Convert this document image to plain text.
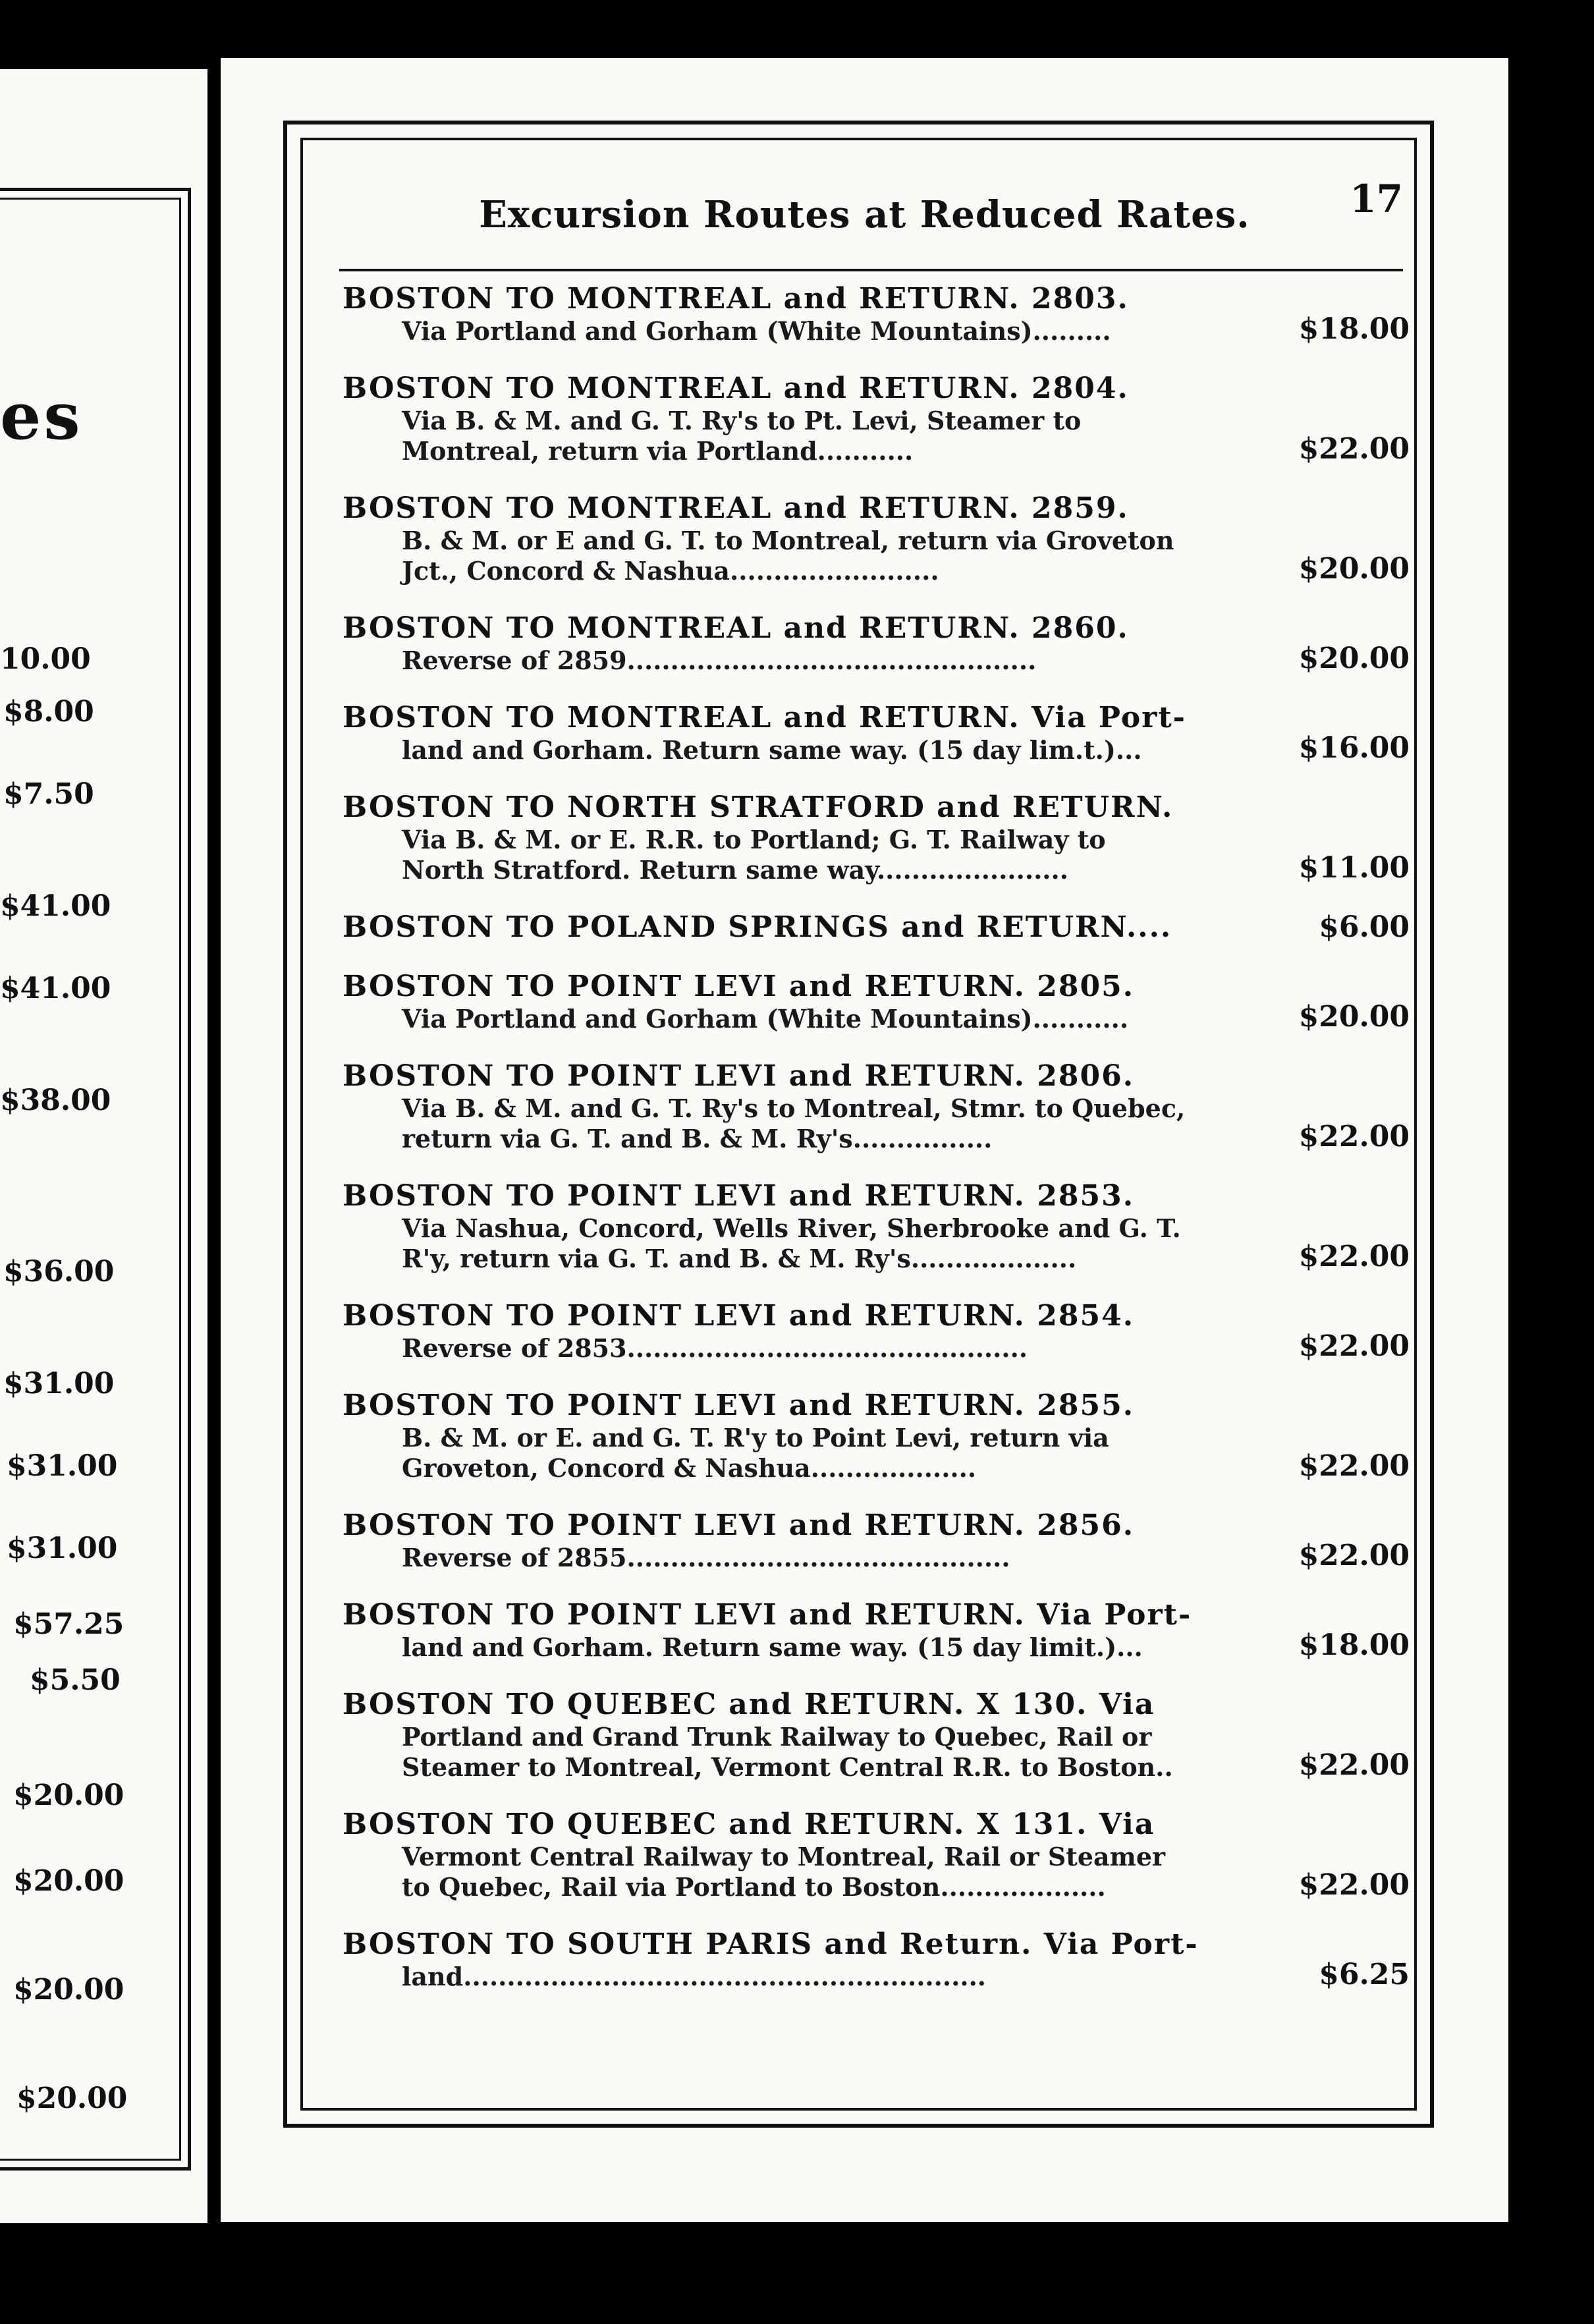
es
10.00
$8.00
$7.50
$41.00
$41.00
$38.00
$36.00
$31.00
$31.00
$31.00
$57.25
$5.50
$20.00
$20.00
$20.00
$20.00
Excursion Routes at Reduced Rates.	17
BOSTON TO MONTREAL and RETURN. 2803.
Via Portland and Gorham (White Mountains).........	$18.00
BOSTON TO MONTREAL and RETURN. 2804.
Via B. & M. and G. T. Ry's to Pt. Levi, Steamer to
Montreal, return via Portland...........	$22.00
BOSTON TO MONTREAL and RETURN. 2859.
B. & M. or E and G. T. to Montreal, return via Groveton
Jct., Concord & Nashua........................	$20.00
BOSTON TO MONTREAL and RETURN. 2860.
Reverse of 2859...............................................	$20.00
BOSTON TO MONTREAL and RETURN. Via Port-
land and Gorham. Return same way. (15 day lim.t.)...	$16.00
BOSTON TO NORTH STRATFORD and RETURN.
Via B. & M. or E. R.R. to Portland; G. T. Railway to
North Stratford. Return same way......................	$11.00
BOSTON TO POLAND SPRINGS and RETURN....	$6.00
BOSTON TO POINT LEVI and RETURN. 2805.
Via Portland and Gorham (White Mountains)...........	$20.00
BOSTON TO POINT LEVI and RETURN. 2806.
Via B. & M. and G. T. Ry's to Montreal, Stmr. to Quebec,
return via G. T. and B. & M. Ry's................	$22.00
BOSTON TO POINT LEVI and RETURN. 2853.
Via Nashua, Concord, Wells River, Sherbrooke and G. T.
R'y, return via G. T. and B. & M. Ry's...................	$22.00
BOSTON TO POINT LEVI and RETURN. 2854.
Reverse of 2853..............................................	$22.00
BOSTON TO POINT LEVI and RETURN. 2855.
B. & M. or E. and G. T. R'y to Point Levi, return via
Groveton, Concord & Nashua...................	$22.00
BOSTON TO POINT LEVI and RETURN. 2856.
Reverse of 2855............................................	$22.00
BOSTON TO POINT LEVI and RETURN. Via Port-
land and Gorham. Return same way. (15 day limit.)...	$18.00
BOSTON TO QUEBEC and RETURN. X 130. Via
Portland and Grand Trunk Railway to Quebec, Rail or
Steamer to Montreal, Vermont Central R.R. to Boston..	$22.00
BOSTON TO QUEBEC and RETURN. X 131. Via
Vermont Central Railway to Montreal, Rail or Steamer
to Quebec, Rail via Portland to Boston...................	$22.00
BOSTON TO SOUTH PARIS and Return. Via Port-
land............................................................	$6.25
